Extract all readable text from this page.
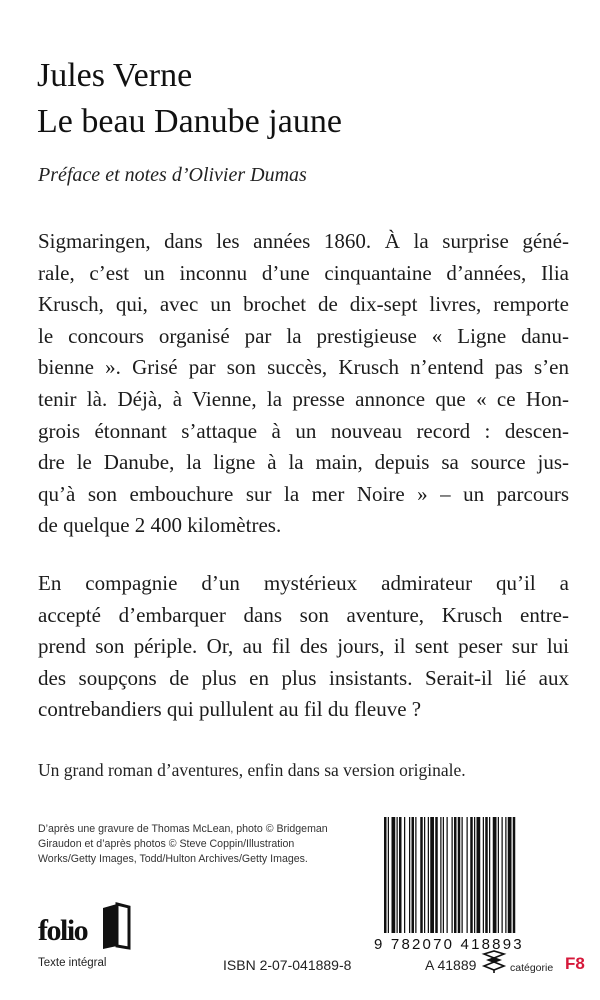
Jules Verne
Le beau Danube jaune
Préface et notes d’Olivier Dumas
Sigmaringen, dans les années 1860. À la surprise géné-
rale, c’est un inconnu d’une cinquantaine d’années, Ilia
Krusch, qui, avec un brochet de dix-sept livres, remporte
le concours organisé par la prestigieuse « Ligne danu-
bienne ». Grisé par son succès, Krusch n’entend pas s’en
tenir là. Déjà, à Vienne, la presse annonce que « ce Hon-
grois étonnant s’attaque à un nouveau record : descen-
dre le Danube, la ligne à la main, depuis sa source jus-
qu’à son embouchure sur la mer Noire » – un parcours
de quelque 2 400 kilomètres.
En compagnie d’un mystérieux admirateur qu’il a
accepté d’embarquer dans son aventure, Krusch entre-
prend son périple. Or, au fil des jours, il sent peser sur lui
des soupçons de plus en plus insistants. Serait-il lié aux
contrebandiers qui pullulent au fil du fleuve ?
Un grand roman d’aventures, enfin dans sa version originale.
D’après une gravure de Thomas McLean, photo © Bridgeman
Giraudon et d’après photos © Steve Coppin/Illustration
Works/Getty Images, Todd/Hulton Archives/Getty Images.
9 782070 418893
folio
Texte intégral	ISBN 2-07-041889-8	A 41889	catégorie F8
